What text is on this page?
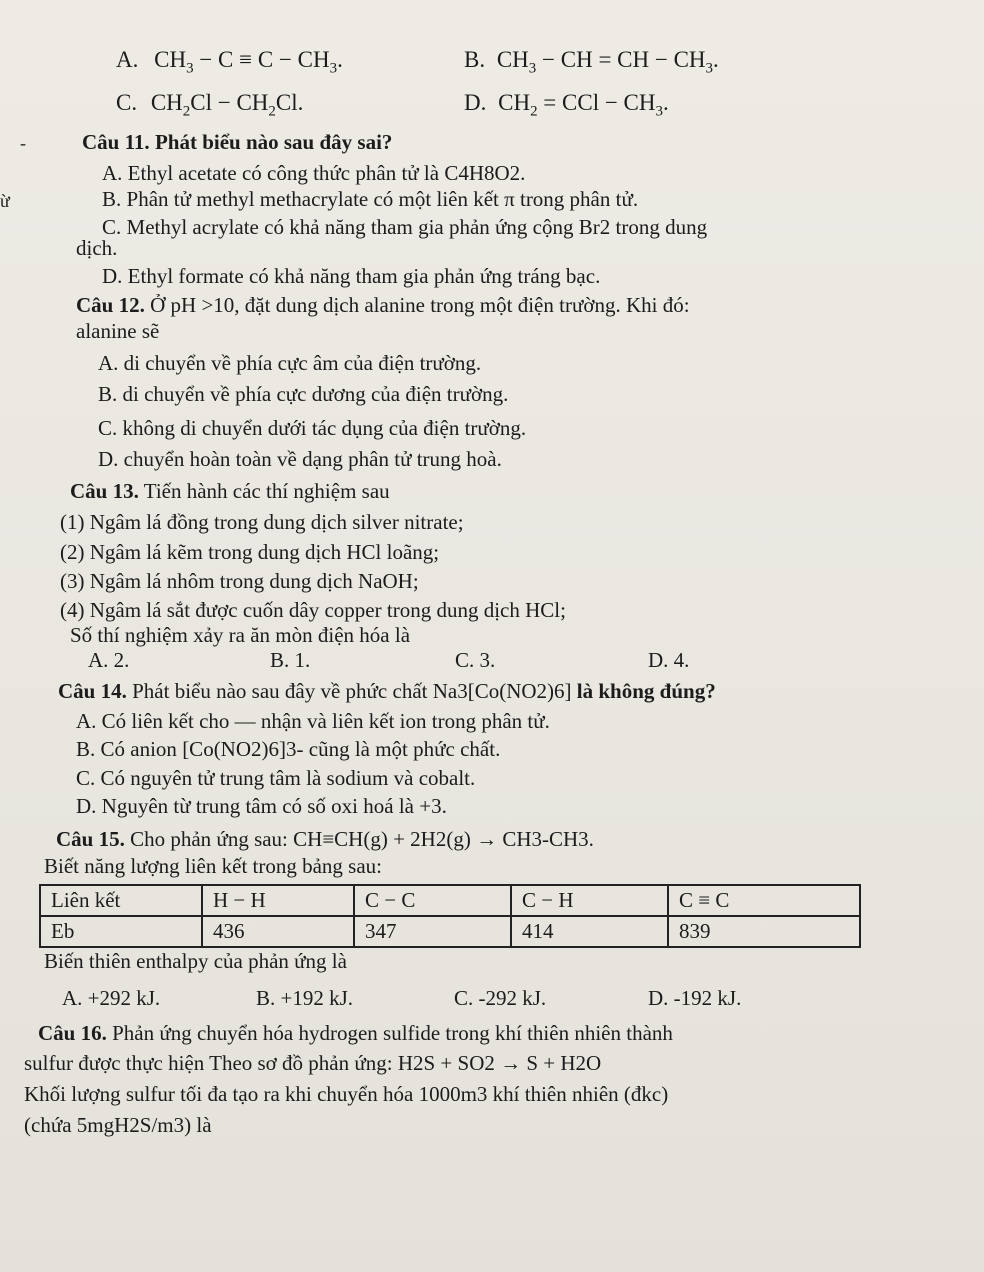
A. $CH_3 - C \equiv C - CH_3$.	B. $CH_3$ − CH = CH − $CH_3$.
C. $CH_2Cl - CH_2Cl$.	D. $CH_2$ = CCl − $CH_3$.
-
ừ
Câu 11. Phát biểu nào sau đây sai?
A. Ethyl acetate có công thức phân tử là C4H8O2.
B. Phân tử methyl methacrylate có một liên kết π trong phân tử.
C. Methyl acrylate có khả năng tham gia phản ứng cộng Br2 trong dung
dịch.
D. Ethyl formate có khả năng tham gia phản ứng tráng bạc.
Câu 12. Ở pH >10, đặt dung dịch alanine trong một điện trường. Khi đó:
alanine sẽ
A. di chuyển về phía cực âm của điện trường.
B. di chuyển về phía cực dương của điện trường.
C. không di chuyển dưới tác dụng của điện trường.
D. chuyển hoàn toàn về dạng phân tử trung hoà.
Câu 13. Tiến hành các thí nghiệm sau
(1) Ngâm lá đồng trong dung dịch silver nitrate;
(2) Ngâm lá kẽm trong dung dịch HCl loãng;
(3) Ngâm lá nhôm trong dung dịch NaOH;
(4) Ngâm lá sắt được cuốn dây copper trong dung dịch HCl;
Số thí nghiệm xảy ra ăn mòn điện hóa là
A. 2.	B. 1.	C. 3.	D. 4.
Câu 14. Phát biểu nào sau đây về phức chất Na3[Co(NO2)6] là không đúng?
A. Có liên kết cho — nhận và liên kết ion trong phân tử.
B. Có anion [Co(NO2)6]3- cũng là một phức chất.
C. Có nguyên tử trung tâm là sodium và cobalt.
D. Nguyên từ trung tâm có số oxi hoá là +3.
Câu 15. Cho phản ứng sau: CH≡CH(g) + 2H2(g) → CH3-CH3.
Biết năng lượng liên kết trong bảng sau:
Liên kết	H − H	C − C	C − H	C ≡ C
Eb	436	347	414	839
Biến thiên enthalpy của phản ứng là
A. +292 kJ.	B. +192 kJ.	C. -292 kJ.	D. -192 kJ.
Câu 16. Phản ứng chuyển hóa hydrogen sulfide trong khí thiên nhiên thành
sulfur được thực hiện Theo sơ đồ phản ứng: H2S + SO2 → S + H2O
Khối lượng sulfur tối đa tạo ra khi chuyển hóa 1000m3 khí thiên nhiên (đkc)
(chứa 5mgH2S/m3) là
